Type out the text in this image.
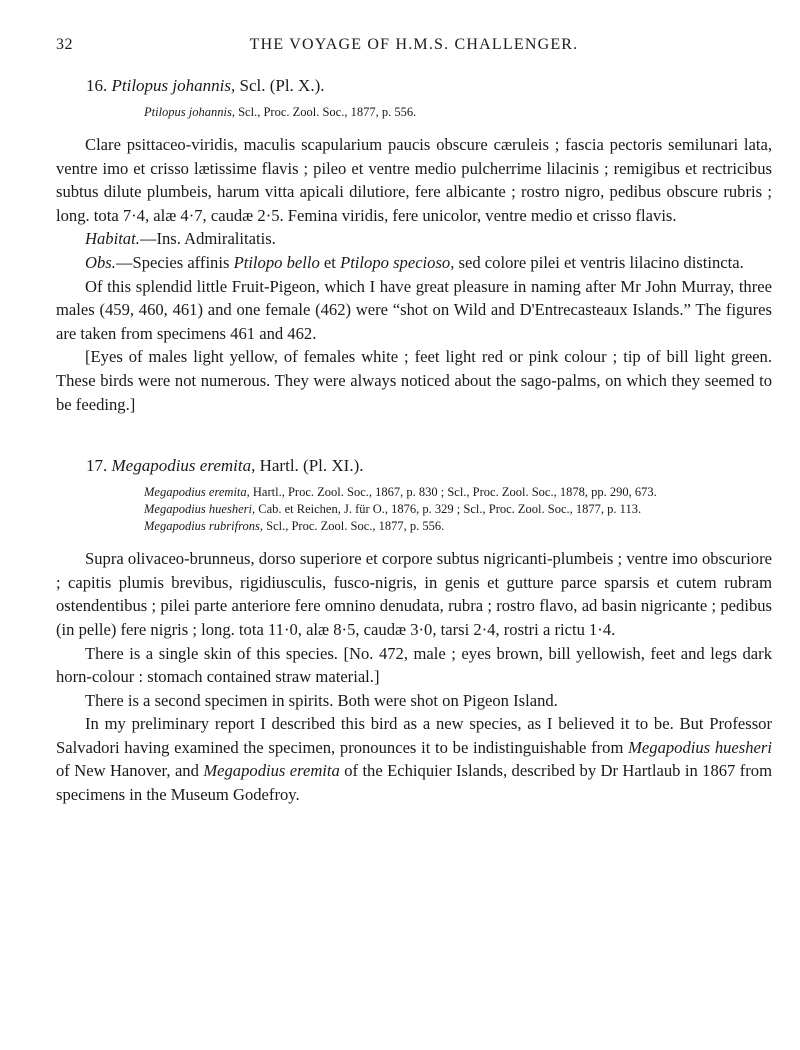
32	THE VOYAGE OF H.M.S. CHALLENGER.

16. Ptilopus johannis, Scl. (Pl. X.).

Ptilopus johannis, Scl., Proc. Zool. Soc., 1877, p. 556.

Clare psittaceo-viridis, maculis scapularium paucis obscure cæruleis ; fascia pectoris semilunari lata, ventre imo et crisso lætissime flavis ; pileo et ventre medio pulcherrime lilacinis ; remigibus et rectricibus subtus dilute plumbeis, harum vitta apicali dilutiore, fere albicante ; rostro nigro, pedibus obscure rubris ; long. tota 7·4, alæ 4·7, caudæ 2·5. Femina viridis, fere unicolor, ventre medio et crisso flavis.

Habitat.—Ins. Admiralitatis.

Obs.—Species affinis Ptilopo bello et Ptilopo specioso, sed colore pilei et ventris lilacino distincta.

Of this splendid little Fruit-Pigeon, which I have great pleasure in naming after Mr John Murray, three males (459, 460, 461) and one female (462) were “shot on Wild and D'Entrecasteaux Islands.” The figures are taken from specimens 461 and 462.

[Eyes of males light yellow, of females white ; feet light red or pink colour ; tip of bill light green. These birds were not numerous. They were always noticed about the sago-palms, on which they seemed to be feeding.]

17. Megapodius eremita, Hartl. (Pl. XI.).

Megapodius eremita, Hartl., Proc. Zool. Soc., 1867, p. 830 ; Scl., Proc. Zool. Soc., 1878, pp. 290, 673.

Megapodius huesheri, Cab. et Reichen, J. für O., 1876, p. 329 ; Scl., Proc. Zool. Soc., 1877, p. 113.

Megapodius rubrifrons, Scl., Proc. Zool. Soc., 1877, p. 556.

Supra olivaceo-brunneus, dorso superiore et corpore subtus nigricanti-plumbeis ; ventre imo obscuriore ; capitis plumis brevibus, rigidiusculis, fusco-nigris, in genis et gutture parce sparsis et cutem rubram ostendentibus ; pilei parte anteriore fere omnino denudata, rubra ; rostro flavo, ad basin nigricante ; pedibus (in pelle) fere nigris ; long. tota 11·0, alæ 8·5, caudæ 3·0, tarsi 2·4, rostri a rictu 1·4.

There is a single skin of this species. [No. 472, male ; eyes brown, bill yellowish, feet and legs dark horn-colour : stomach contained straw material.]

There is a second specimen in spirits. Both were shot on Pigeon Island.

In my preliminary report I described this bird as a new species, as I believed it to be. But Professor Salvadori having examined the specimen, pronounces it to be indistinguishable from Megapodius huesheri of New Hanover, and Megapodius eremita of the Echiquier Islands, described by Dr Hartlaub in 1867 from specimens in the Museum Godefroy.
